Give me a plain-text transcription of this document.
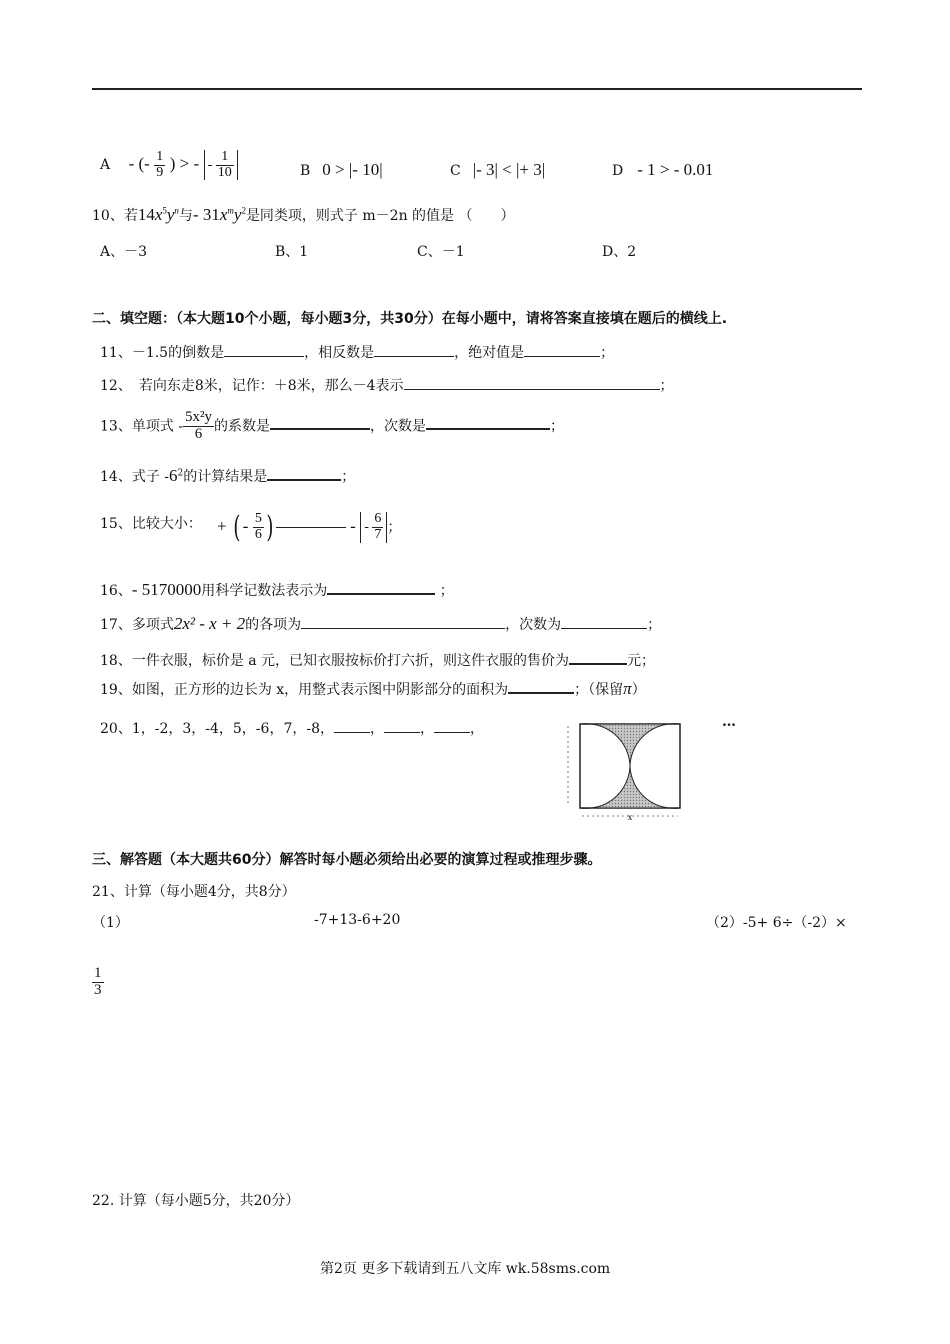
A - (- $\frac{1}{9}$ ) > - - $\frac{1}{10}$	B 0 > |- 10|	C |- 3| < |+ 3|	D - 1 > - 0.01
10、若$14x^5y^n$与- $31x^my^2$是同类项，则式子 m－2n 的值是 （　　）
A、－3	B、1	C、－1	D、2
二、填空题：（本大题10个小题，每小题3分，共30分）在每小题中，请将答案直接填在题后的横线上.
11、－1.5的倒数是	，相反数是	，绝对值是	；
12、　若向东走8米，记作：＋8米，那么－4表示	；
13、单项式 - $\frac{\text{5x²y}}{6}$ 的系数是	，次数是	；
14、式子 $-6^2$的计算结果是	；
15、比较大小： + ( - $\frac{5}{6}$ )	- - $\frac{6}{7}$ ；
16、- 5170000用科学记数法表示为	；
17、多项式2x² - x + 2的各项为	，次数为	；
18、一件衣服，标价是 a 元，已知衣服按标价打六折，则这件衣服的售价为	元；
19、如图，正方形的边长为 x，用整式表示图中阴影部分的面积为	；（保留π）
20、1，-2，3，-4，5，-6，7，-8，	，	，	，	…
x
三、解答题（本大题共60分）解答时每小题必须给出必要的演算过程或推理步骤。
21、计算（每小题4分，共8分）
（1）	-7+13-6+20	（2）-5+ 6÷（-2）×
$\frac{1}{3}$
22. 计算（每小题5分，共20分）
第2页 更多下载请到五八文库 wk.58sms.com
